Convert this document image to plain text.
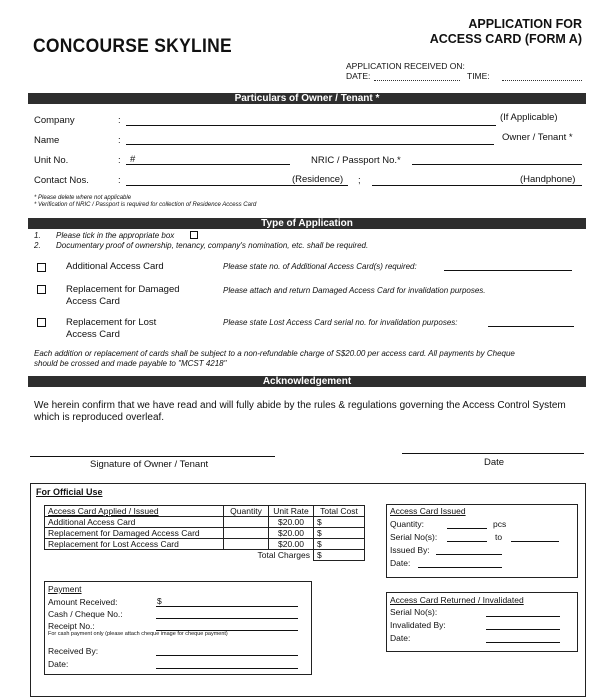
CONCOURSE SKYLINE
APPLICATION FOR
ACCESS CARD (FORM A)
APPLICATION RECEIVED ON:
DATE:	TIME:
Particulars of Owner / Tenant *
Company	:	(If Applicable)
Name	:	Owner / Tenant *
Unit No.	: #	NRIC / Passport No.*
Contact Nos.	:	(Residence) ;	(Handphone)
* Please delete where not applicable
* Verification of NRIC / Passport is required for collection of Residence Access Card
Type of Application
1. Please tick in the appropriate box
2. Documentary proof of ownership, tenancy, company's nomination, etc. shall be required.
Additional Access Card	Please state no. of Additional Access Card(s) required:
Replacement for Damaged
Access Card
Please attach and return Damaged Access Card for invalidation purposes.
Replacement for Lost
Access Card
Please state Lost Access Card serial no. for invalidation purposes:
Each addition or replacement of cards shall be subject to a non-refundable charge of S$20.00 per access card. All payments by Cheque
should be crossed and made payable to "MCST 4218"
Acknowledgement
We herein confirm that we have read and will fully abide by the rules & regulations governing the Access Control System
which is reproduced overleaf.
Signature of Owner / Tenant	Date
For Official Use
Access Card Applied / Issued	Quantity	Unit Rate	Total Cost
Additional Access Card		$20.00	$
Replacement for Damaged Access Card		$20.00	$
Replacement for Lost Access Card		$20.00	$
Total Charges			$
Access Card Issued
Quantity:	pcs
Serial No(s):	to
Issued By:
Date:
Payment
Amount Received:	$
Cash / Cheque No.:
Receipt No.:
For cash payment only (please attach cheque image for cheque payment)
Received By:
Date:
Access Card Returned / Invalidated
Serial No(s):
Invalidated By:
Date:
